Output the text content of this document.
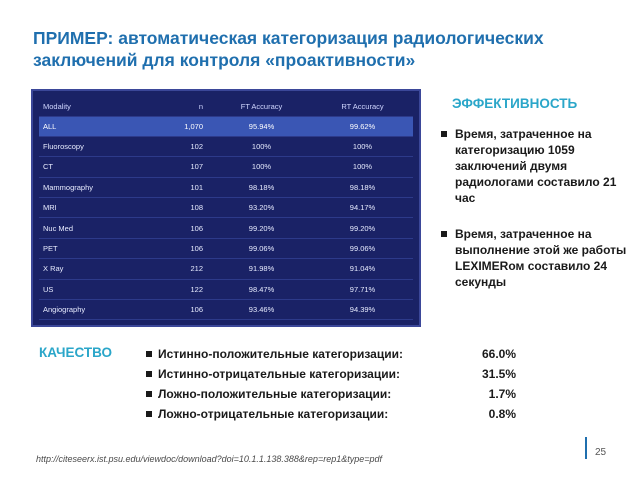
ПРИМЕР: автоматическая категоризация радиологических заключений для контроля «проактивности»
Modality	n	FT Accuracy	RT Accuracy
ALL	1,070	95.94%	99.62%
Fluoroscopy	102	100%	100%
CT	107	100%	100%
Mammography	101	98.18%	98.18%
MRI	108	93.20%	94.17%
Nuc Med	106	99.20%	99.20%
PET	106	99.06%	99.06%
X Ray	212	91.98%	91.04%
US	122	98.47%	97.71%
Angiography	106	93.46%	94.39%
ЭФФЕКТИВНОСТЬ
Время, затраченное на категоризацию 1059 заключений двумя радиологами составило 21 час
Время, затраченное на выполнение этой же работы LEXIMERом составило 24 секунды
КАЧЕСТВО	Истинно-положительные категоризации:	66.0%
Истинно-отрицательные категоризации:	31.5%
Ложно-положительные категоризации:	1.7%
Ложно-отрицательные категоризации:	0.8%
http://citeseerx.ist.psu.edu/viewdoc/download?doi=10.1.1.138.388&rep=rep1&type=pdf
25
